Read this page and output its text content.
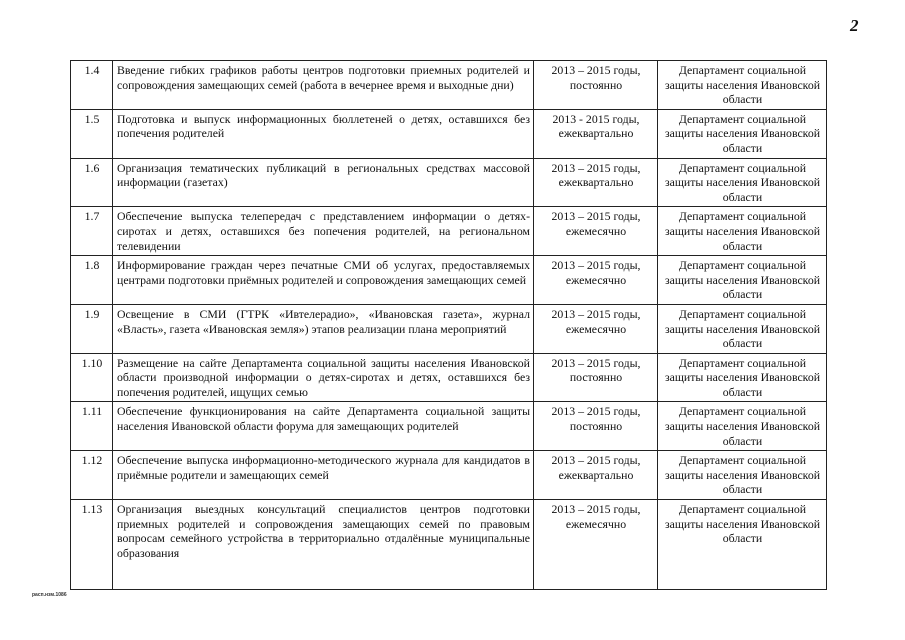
2
1.4	Введение гибких графиков работы центров подготовки приемных родителей и сопровождения замещающих семей (работа в вечернее время и выходные дни)	2013 – 2015 годы, постоянно	Департамент социальной защиты населения Ивановской области
1.5	Подготовка и выпуск информационных бюллетеней о детях, оставшихся без попечения родителей	2013 - 2015 годы, ежеквартально	Департамент социальной защиты населения Ивановской области
1.6	Организация тематических публикаций в региональных средствах массовой информации (газетах)	2013 – 2015 годы, ежеквартально	Департамент социальной защиты населения Ивановской области
1.7	Обеспечение выпуска телепередач с представлением информации о детях-сиротах и детях, оставшихся без попечения родителей, на региональном телевидении	2013 – 2015 годы, ежемесячно	Департамент социальной защиты населения Ивановской области
1.8	Информирование граждан через печатные СМИ об услугах, предоставляемых центрами подготовки приёмных родителей и сопровождения замещающих семей	2013 – 2015 годы, ежемесячно	Департамент социальной защиты населения Ивановской области
1.9	Освещение в СМИ (ГТРК «Ивтелерадио», «Ивановская газета», журнал «Власть», газета «Ивановская земля») этапов реализации плана мероприятий	2013 – 2015 годы, ежемесячно	Департамент социальной защиты населения Ивановской области
1.10	Размещение на сайте Департамента социальной защиты населения Ивановской области производной информации о детях-сиротах и детях, оставшихся без попечения родителей, ищущих семью	2013 – 2015 годы, постоянно	Департамент социальной защиты населения Ивановской области
1.11	Обеспечение функционирования на сайте Департамента социальной защиты населения Ивановской области форума для замещающих родителей	2013 – 2015 годы, постоянно	Департамент социальной защиты населения Ивановской области
1.12	Обеспечение выпуска информационно-методического журнала для кандидатов в приёмные родители и замещающих семей	2013 – 2015 годы, ежеквартально	Департамент социальной защиты населения Ивановской области
1.13	Организация выездных консультаций специалистов центров подготовки приемных родителей и сопровождения замещающих семей по правовым вопросам семейного устройства в территориально отдалённые муниципальные образования	2013 – 2015 годы, ежемесячно	Департамент социальной защиты населения Ивановской области
расп.нзм.1086
